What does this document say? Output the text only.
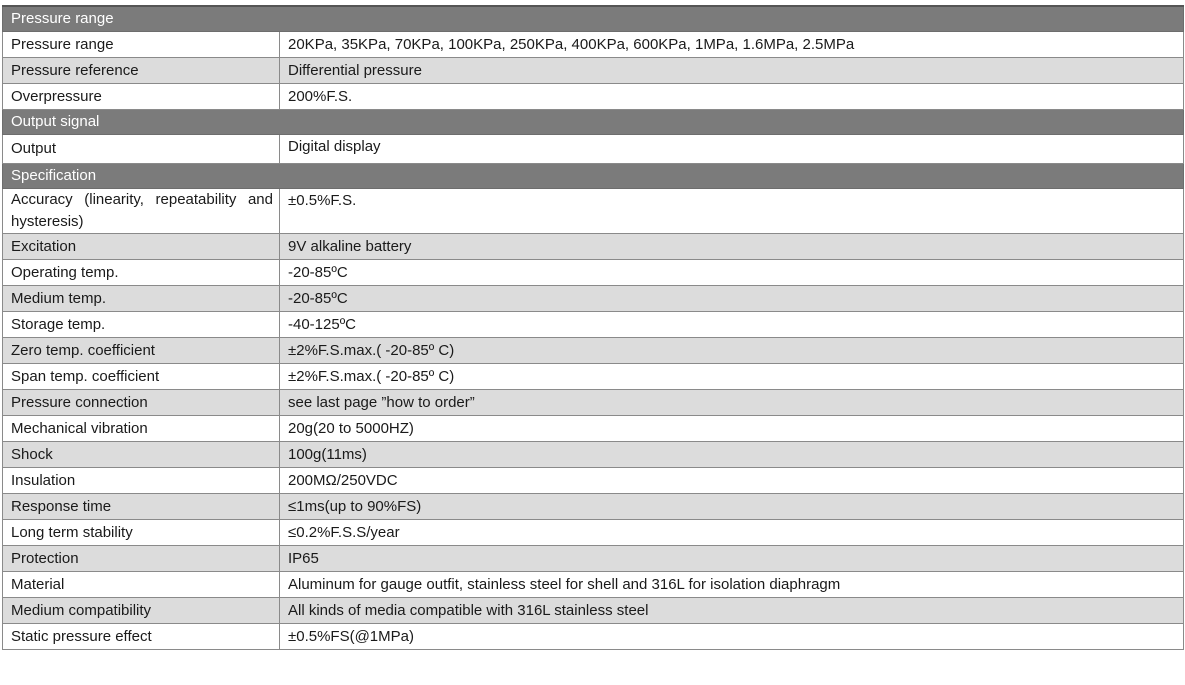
Pressure range	
Pressure range	20KPa, 35KPa, 70KPa, 100KPa, 250KPa, 400KPa, 600KPa, 1MPa, 1.6MPa, 2.5MPa
Pressure reference	Differential pressure
Overpressure	200%F.S.
Output signal	
Output	Digital display
Specification	
Accuracy (linearity, repeatability and hysteresis)	±0.5%F.S.
Excitation	9V alkaline battery
Operating temp.	-20-85ºC
Medium temp.	-20-85ºC
Storage temp.	-40-125ºC
Zero temp. coefficient	±2%F.S.max.( -20-85º C)
Span temp. coefficient	±2%F.S.max.( -20-85º C)
Pressure connection	see last page ”how to order”
Mechanical vibration	20g(20 to 5000HZ)
Shock	100g(11ms)
Insulation	200MΩ/250VDC
Response time	≤1ms(up to 90%FS)
Long term stability	≤0.2%F.S.S/year
Protection	IP65
Material	Aluminum for gauge outfit, stainless steel for shell and 316L for isolation diaphragm
Medium compatibility	All kinds of media compatible with 316L stainless steel
Static pressure effect	±0.5%FS(@1MPa)
